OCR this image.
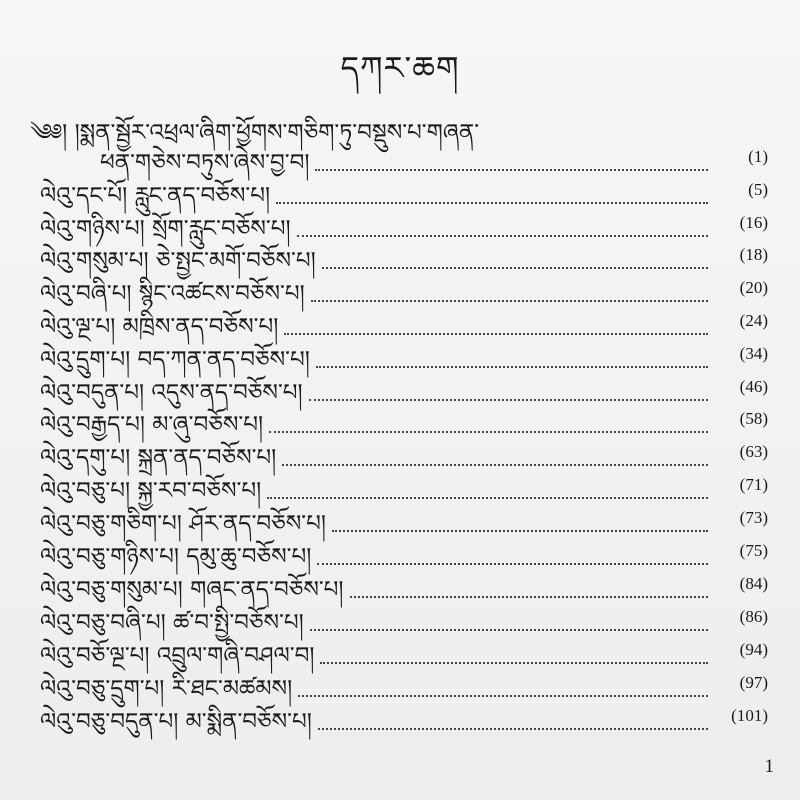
དཀར་ཆག
༄༅། །སྨན་སྦྱོར་འཕྲལ་ཞིག་ཕྱོགས་གཅིག་ཏུ་བསྡུས་པ་གཞན་
ཕན་གཅེས་བཏུས་ཞེས་བྱ་བ།	(1)
ལེའུ་དང་པོ། རླུང་ནད་བཅོས་པ།	(5)
ལེའུ་གཉིས་པ། སྲོག་རླུང་བཅོས་པ།	(16)
ལེའུ་གསུམ་པ། ཅེ་སྤྱང་མགོ་བཅོས་པ།	(18)
ལེའུ་བཞི་པ། སྙིང་འཚངས་བཅོས་པ།	(20)
ལེའུ་ལྔ་པ། མཁྲིས་ནད་བཅོས་པ།	(24)
ལེའུ་དྲུག་པ། བད་ཀན་ནད་བཅོས་པ།	(34)
ལེའུ་བདུན་པ། འདུས་ནད་བཅོས་པ།	(46)
ལེའུ་བརྒྱད་པ། མ་ཞུ་བཅོས་པ།	(58)
ལེའུ་དགུ་པ། སྐྲན་ནད་བཅོས་པ།	(63)
ལེའུ་བཅུ་པ། སྐྱ་རབ་བཅོས་པ།	(71)
ལེའུ་བཅུ་གཅིག་པ། ཤོར་ནད་བཅོས་པ།	(73)
ལེའུ་བཅུ་གཉིས་པ། དམུ་ཆུ་བཅོས་པ།	(75)
ལེའུ་བཅུ་གསུམ་པ། གཞང་ནད་བཅོས་པ།	(84)
ལེའུ་བཅུ་བཞི་པ། ཚ་བ་སྤྱི་བཅོས་པ།	(86)
ལེའུ་བཅོ་ལྔ་པ། འབྲུལ་གཞི་བཤལ་བ།	(94)
ལེའུ་བཅུ་དྲུག་པ། རི་ཐང་མཚམས།	(97)
ལེའུ་བཅུ་བདུན་པ། མ་སྨིན་བཅོས་པ།	(101)
1
